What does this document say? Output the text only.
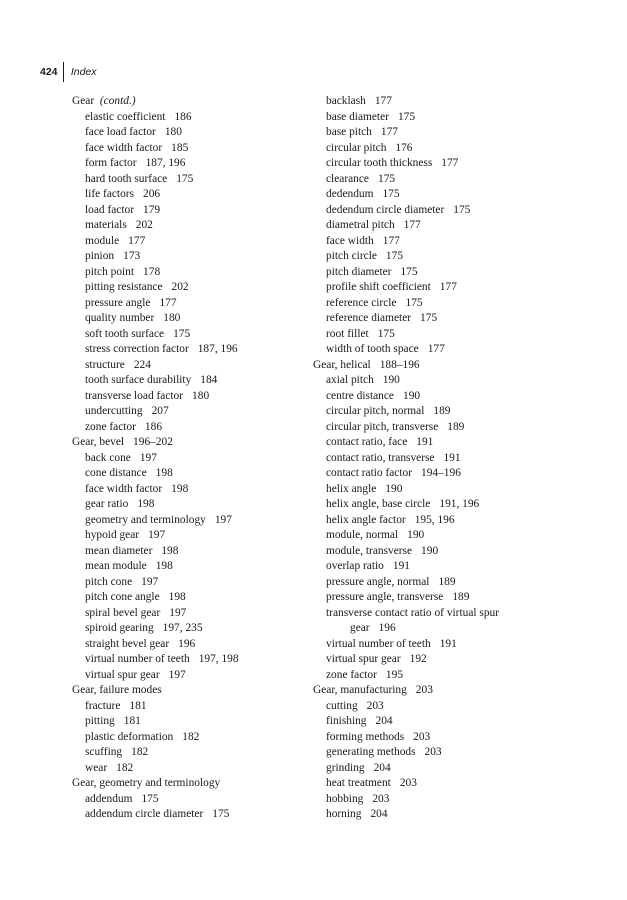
424 Index
Gear  (contd.)
elastic coefficient 186
face load factor 180
face width factor 185
form factor 187, 196
hard tooth surface 175
life factors 206
load factor 179
materials 202
module 177
pinion 173
pitch point 178
pitting resistance 202
pressure angle 177
quality number 180
soft tooth surface 175
stress correction factor 187, 196
structure 224
tooth surface durability 184
transverse load factor 180
undercutting 207
zone factor 186
Gear, bevel 196–202
back cone 197
cone distance 198
face width factor 198
gear ratio 198
geometry and terminology 197
hypoid gear 197
mean diameter 198
mean module 198
pitch cone 197
pitch cone angle 198
spiral bevel gear 197
spiroid gearing 197, 235
straight bevel gear 196
virtual number of teeth 197, 198
virtual spur gear 197
Gear, failure modes
fracture 181
pitting 181
plastic deformation 182
scuffing 182
wear 182
Gear, geometry and terminology
addendum 175
addendum circle diameter 175
backlash 177
base diameter 175
base pitch 177
circular pitch 176
circular tooth thickness 177
clearance 175
dedendum 175
dedendum circle diameter 175
diametral pitch 177
face width 177
pitch circle 175
pitch diameter 175
profile shift coefficient 177
reference circle 175
reference diameter 175
root fillet 175
width of tooth space 177
Gear, helical 188–196
axial pitch 190
centre distance 190
circular pitch, normal 189
circular pitch, transverse 189
contact ratio, face 191
contact ratio, transverse 191
contact ratio factor 194–196
helix angle 190
helix angle, base circle 191, 196
helix angle factor 195, 196
module, normal 190
module, transverse 190
overlap ratio 191
pressure angle, normal 189
pressure angle, transverse 189
transverse contact ratio of virtual spur
gear 196
virtual number of teeth 191
virtual spur gear 192
zone factor 195
Gear, manufacturing 203
cutting 203
finishing 204
forming methods 203
generating methods 203
grinding 204
heat treatment 203
hobbing 203
horning 204
